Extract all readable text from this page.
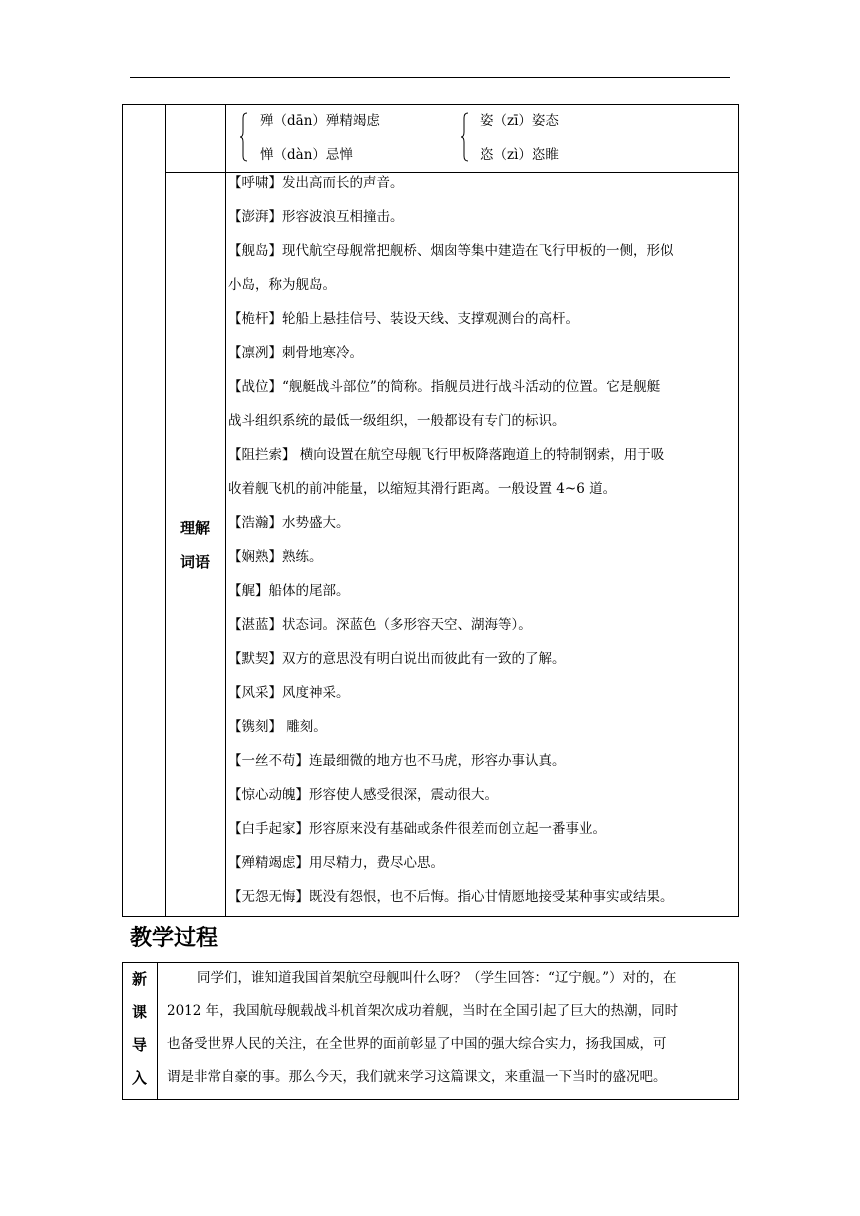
殚（dān）殚精竭虑
惮（dàn）忌惮
姿（zī）姿态
恣（zì）恣睢
理解
词语
【呼啸】发出高而长的声音。
【澎湃】形容波浪互相撞击。
【舰岛】现代航空母舰常把舰桥、烟囱等集中建造在飞行甲板的一侧，形似
小岛，称为舰岛。
【桅杆】轮船上悬挂信号、装设天线、支撑观测台的高杆。
【凛冽】刺骨地寒冷。
【战位】“舰艇战斗部位”的简称。指舰员进行战斗活动的位置。它是舰艇
战斗组织系统的最低一级组织，一般都设有专门的标识。
【阻拦索】 横向设置在航空母舰飞行甲板降落跑道上的特制钢索，用于吸
收着舰飞机的前冲能量，以缩短其滑行距离。一般设置 4~6 道。
【浩瀚】水势盛大。
【娴熟】熟练。
【艉】船体的尾部。
【湛蓝】状态词。深蓝色（多形容天空、湖海等）。
【默契】双方的意思没有明白说出而彼此有一致的了解。
【风采】风度神采。
【镌刻】 雕刻。
【一丝不苟】连最细微的地方也不马虎，形容办事认真。
【惊心动魄】形容使人感受很深，震动很大。
【白手起家】形容原来没有基础或条件很差而创立起一番事业。
【殚精竭虑】用尽精力，费尽心思。
【无怨无悔】既没有怨恨，也不后悔。指心甘情愿地接受某种事实或结果。
教学过程
新
课
导
入
同学们，谁知道我国首架航空母舰叫什么呀？（学生回答：“辽宁舰。”）对的，在
2012 年，我国航母舰载战斗机首架次成功着舰，当时在全国引起了巨大的热潮，同时
也备受世界人民的关注，在全世界的面前彰显了中国的强大综合实力，扬我国威，可
谓是非常自豪的事。那么今天，我们就来学习这篇课文，来重温一下当时的盛况吧。
